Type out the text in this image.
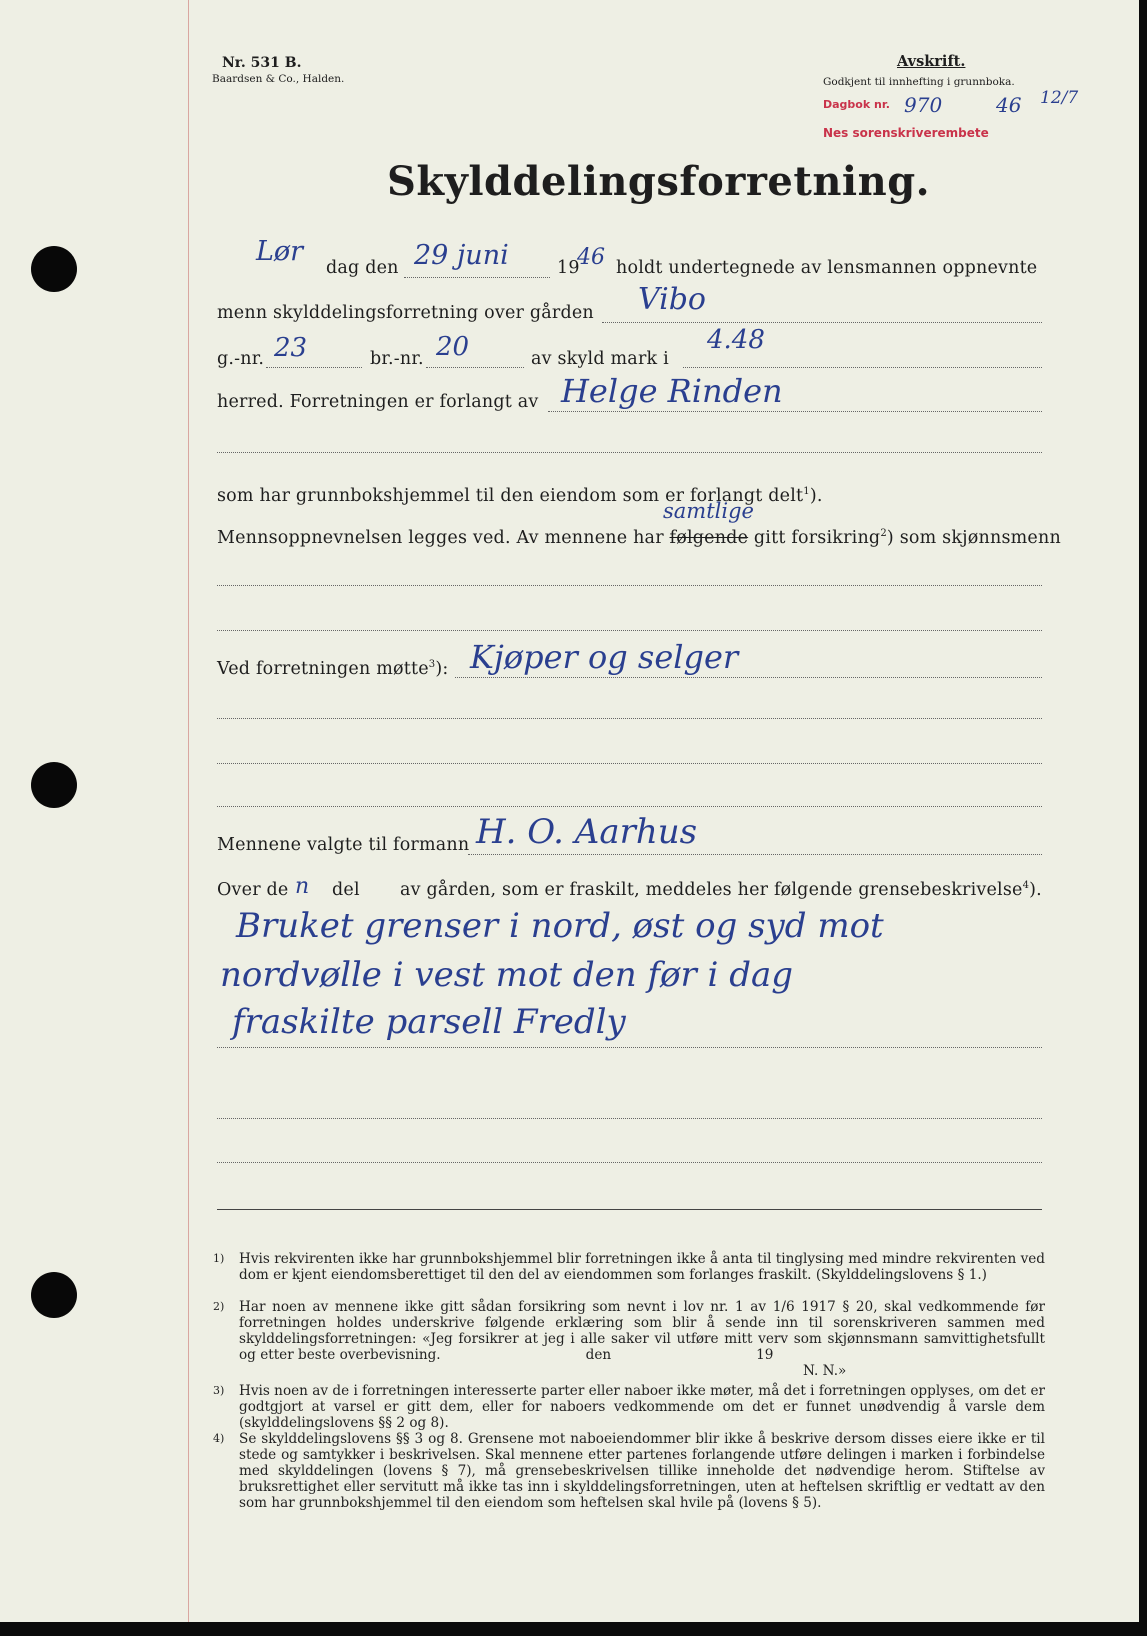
Nr. 531 B.
Baardsen & Co., Halden.
Avskrift.
Godkjent til innhefting i grunnboka.
Dagbok nr. 970	46 12/7
Nes sorenskriverembete
Skylddelingsforretning.
Lør
dag den 29 juni	19
46 holdt undertegnede av lensmannen oppnevnte
menn skylddelingsforretning over gården Vibo
g.-nr. 23	br.-nr. 20	av skyld mark i
4.48
herred. Forretningen er forlangt av Helge Rinden
som har grunnbokshjemmel til den eiendom som er forlangt delt$^1$).
samtlige
Mennsoppnevnelsen legges ved. Av mennene har følgende gitt forsikring$^2$) som skjønnsmenn
Ved forretningen møtte$^3$): Kjøper og selger
Mennene valgte til formann H. O. Aarhus
Over de n del av gården, som er fraskilt, meddeles her følgende grensebeskrivelse$^4$).
Bruket grenser i nord, øst og syd mot
nordvølle i vest mot den før i dag
fraskilte parsell Fredly
1) Hvis rekvirenten ikke har grunnbokshjemmel blir forretningen ikke å anta til tinglysing med mindre rekvirenten ved dom er kjent eiendomsberettiget til den del av eiendommen som forlanges fraskilt. (Skylddelingslovens § 1.)

2) Har noen av mennene ikke gitt sådan forsikring som nevnt i lov nr. 1 av 1/6 1917 § 20, skal vedkommende før forretningen holdes underskrive følgende erklæring som blir å sende inn til sorenskriveren sammen med skylddelingsforretningen: «Jeg forsikrer at jeg i alle saker vil utføre mitt verv som skjønnsmann samvittighetsfullt og etter beste overbevisning.	den	19

N. N.»
3) Hvis noen av de i forretningen interesserte parter eller naboer ikke møter, må det i forretningen opplyses, om det er godtgjort at varsel er gitt dem, eller for naboers vedkommende om det er funnet unødvendig å varsle dem (skylddelingslovens §§ 2 og 8).

4) Se skylddelingslovens §§ 3 og 8. Grensene mot naboeiendommer blir ikke å beskrive dersom disses eiere ikke er til stede og samtykker i beskrivelsen. Skal mennene etter partenes forlangende utføre delingen i marken i forbindelse med skylddelingen (lovens § 7), må grensebeskrivelsen tillike inneholde det nødvendige herom. Stiftelse av bruksrettighet eller servitutt må ikke tas inn i skylddelingsforretningen, uten at heftelsen skriftlig er vedtatt av den som har grunnbokshjemmel til den eiendom som heftelsen skal hvile på (lovens § 5).
